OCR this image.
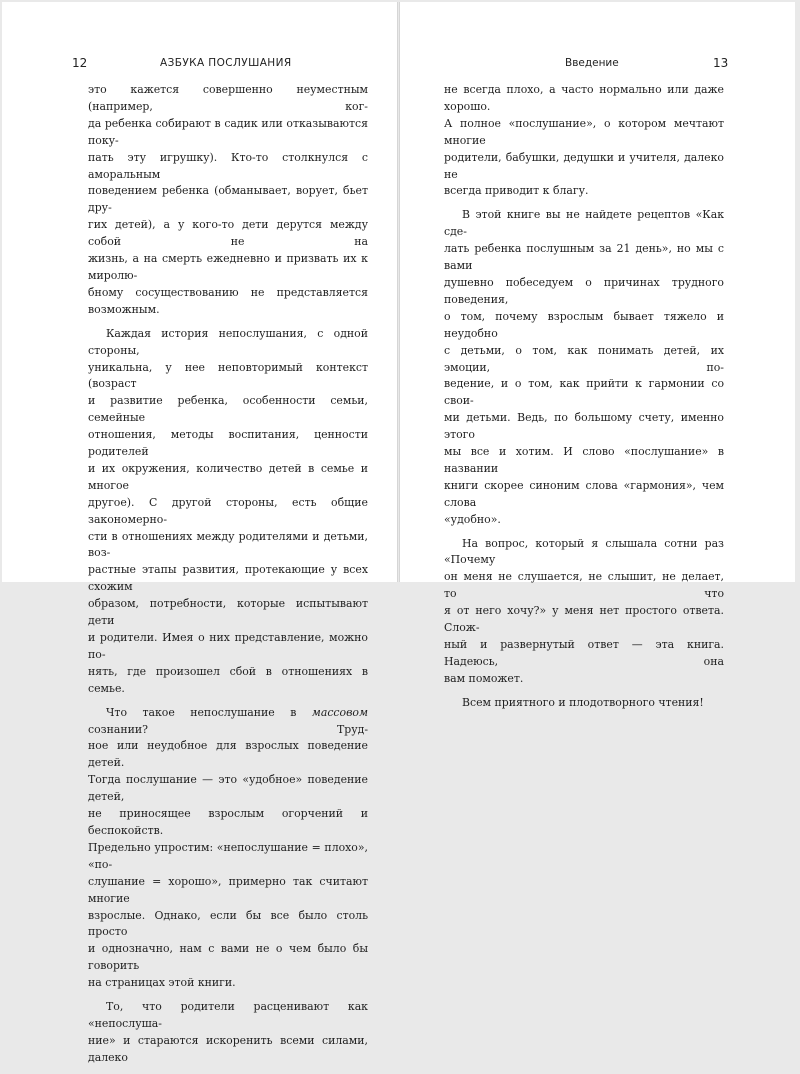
12	АЗБУКА ПОСЛУШАНИЯ
это кажется совершенно неуместным (например, ког-
да ребенка собирают в садик или отказываются поку-
пать эту игрушку). Кто-то столкнулся с аморальным
поведением ребенка (обманывает, ворует, бьет дру-
гих детей), а у кого-то дети дерутся между собой не на
жизнь, а на смерть ежедневно и призвать их к миролю-
бному сосуществованию не представляется возможным.
Каждая история непослушания, с одной стороны,
уникальна, у нее неповторимый контекст (возраст
и развитие ребенка, особенности семьи, семейные
отношения, методы воспитания, ценности родителей
и их окружения, количество детей в семье и многое
другое). С другой стороны, есть общие закономерно-
сти в отношениях между родителями и детьми, воз-
растные этапы развития, протекающие у всех схожим
образом, потребности, которые испытывают дети
и родители. Имея о них представление, можно по-
нять, где произошел сбой в отношениях в семье.
Что такое непослушание в массовом сознании? Труд-
ное или неудобное для взрослых поведение детей.
Тогда послушание — это «удобное» поведение детей,
не приносящее взрослым огорчений и беспокойств.
Предельно упростим: «непослушание = плохо», «по-
слушание = хорошо», примерно так считают многие
взрослые. Однако, если бы все было столь просто
и однозначно, нам с вами не о чем было бы говорить
на страницах этой книги.
То, что родители расценивают как «непослуша-
ние» и стараются искоренить всеми силами, далеко
Введение	13
не всегда плохо, а часто нормально или даже хорошо.
А полное «послушание», о котором мечтают многие
родители, бабушки, дедушки и учителя, далеко не
всегда приводит к благу.
В этой книге вы не найдете рецептов «Как сде-
лать ребенка послушным за 21 день», но мы с вами
душевно побеседуем о причинах трудного поведения,
о том, почему взрослым бывает тяжело и неудобно
с детьми, о том, как понимать детей, их эмоции, по-
ведение, и о том, как прийти к гармонии со свои-
ми детьми. Ведь, по большому счету, именно этого
мы все и хотим. И слово «послушание» в названии
книги скорее синоним слова «гармония», чем слова
«удобно».
На вопрос, который я слышала сотни раз «Почему
он меня не слушается, не слышит, не делает, то что
я от него хочу?» у меня нет простого ответа. Слож-
ный и развернутый ответ — эта книга. Надеюсь, она
вам поможет.
Всем приятного и плодотворного чтения!
